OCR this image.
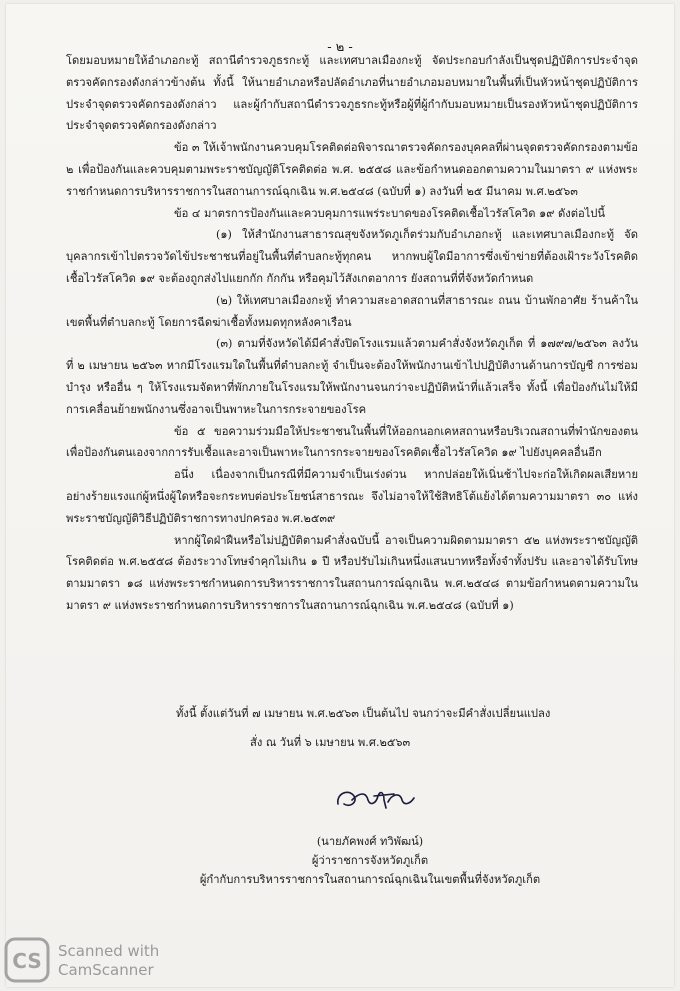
- ๒ -

โดยมอบหมายให้อำเภอกะทู้ สถานีตำรวจภูธรกะทู้ และเทศบาลเมืองกะทู้ จัดประกอบกำลังเป็นชุดปฏิบัติการประจำจุดตรวจคัดกรองดังกล่าวข้างต้น ทั้งนี้ ให้นายอำเภอหรือปลัดอำเภอที่นายอำเภอมอบหมายในพื้นที่เป็นหัวหน้าชุดปฏิบัติการประจำจุดตรวจคัดกรองดังกล่าว และผู้กำกับสถานีตำรวจภูธรกะทู้หรือผู้ที่ผู้กำกับมอบหมายเป็นรองหัวหน้าชุดปฏิบัติการประจำจุดตรวจคัดกรองดังกล่าว

ข้อ ๓ ให้เจ้าพนักงานควบคุมโรคติดต่อพิจารณาตรวจคัดกรองบุคคลที่ผ่านจุดตรวจคัดกรองตามข้อ ๒ เพื่อป้องกันและควบคุมตามพระราชบัญญัติโรคติดต่อ พ.ศ. ๒๕๕๘ และข้อกำหนดออกตามความในมาตรา ๙ แห่งพระราชกำหนดการบริหารราชการในสถานการณ์ฉุกเฉิน พ.ศ.๒๕๔๘ (ฉบับที่ ๑) ลงวันที่ ๒๕ มีนาคม พ.ศ.๒๕๖๓

ข้อ ๔ มาตรการป้องกันและควบคุมการแพร่ระบาดของโรคติดเชื้อไวรัสโควิด ๑๙ ดังต่อไปนี้

(๑) ให้สำนักงานสาธารณสุขจังหวัดภูเก็ตร่วมกับอำเภอกะทู้ และเทศบาลเมืองกะทู้ จัดบุคลากรเข้าไปตรวจวัดไข้ประชาชนที่อยู่ในพื้นที่ตำบลกะทู้ทุกคน หากพบผู้ใดมีอาการซึ่งเข้าข่ายที่ต้องเฝ้าระวังโรคติดเชื้อไวรัสโควิด ๑๙ จะต้องถูกส่งไปแยกกัก กักกัน หรือคุมไว้สังเกตอาการ ยังสถานที่ที่จังหวัดกำหนด

(๒) ให้เทศบาลเมืองกะทู้ ทำความสะอาดสถานที่สาธารณะ ถนน บ้านพักอาศัย ร้านค้าในเขตพื้นที่ตำบลกะทู้ โดยการฉีดฆ่าเชื้อทั้งหมดทุกหลังคาเรือน

(๓) ตามที่จังหวัดได้มีคำสั่งปิดโรงแรมแล้วตามคำสั่งจังหวัดภูเก็ต ที่ ๑๗๙๗/๒๕๖๓ ลงวันที่ ๒ เมษายน ๒๕๖๓ หากมีโรงแรมใดในพื้นที่ตำบลกะทู้ จำเป็นจะต้องให้พนักงานเข้าไปปฏิบัติงานด้านการบัญชี การซ่อมบำรุง หรืออื่น ๆ ให้โรงแรมจัดหาที่พักภายในโรงแรมให้พนักงานจนกว่าจะปฏิบัติหน้าที่แล้วเสร็จ ทั้งนี้ เพื่อป้องกันไม่ให้มีการเคลื่อนย้ายพนักงานซึ่งอาจเป็นพาหะในการกระจายของโรค

ข้อ ๕ ขอความร่วมมือให้ประชาชนในพื้นที่ให้ออกนอกเคหสถานหรือบริเวณสถานที่พำนักของตน เพื่อป้องกันตนเองจากการรับเชื้อและอาจเป็นพาหะในการกระจายของโรคติดเชื้อไวรัสโควิด ๑๙ ไปยังบุคคลอื่นอีก

อนึ่ง เนื่องจากเป็นกรณีที่มีความจำเป็นเร่งด่วน หากปล่อยให้เนิ่นช้าไปจะก่อให้เกิดผลเสียหาย อย่างร้ายแรงแก่ผู้หนึ่งผู้ใดหรือจะกระทบต่อประโยชน์สาธารณะ จึงไม่อาจให้ใช้สิทธิโต้แย้งได้ตามความมาตรา ๓๐ แห่งพระราชบัญญัติวิธีปฏิบัติราชการทางปกครอง พ.ศ.๒๕๓๙

หากผู้ใดฝ่าฝืนหรือไม่ปฏิบัติตามคำสั่งฉบับนี้ อาจเป็นความผิดตามมาตรา ๕๒ แห่งพระราชบัญญัติโรคติดต่อ พ.ศ.๒๕๕๘ ต้องระวางโทษจำคุกไม่เกิน ๑ ปี หรือปรับไม่เกินหนึ่งแสนบาทหรือทั้งจำทั้งปรับ และอาจได้รับโทษตามมาตรา ๑๘ แห่งพระราชกำหนดการบริหารราชการในสถานการณ์ฉุกเฉิน พ.ศ.๒๕๔๘ ตามข้อกำหนดตามความในมาตรา ๙ แห่งพระราชกำหนดการบริหารราชการในสถานการณ์ฉุกเฉิน พ.ศ.๒๕๔๘ (ฉบับที่ ๑)

ทั้งนี้ ตั้งแต่วันที่ ๗ เมษายน พ.ศ.๒๕๖๓ เป็นต้นไป จนกว่าจะมีคำสั่งเปลี่ยนแปลง
สั่ง ณ วันที่ ๖ เมษายน พ.ศ.๒๕๖๓
(นายภัคพงศ์ ทวิพัฒน์)
ผู้ว่าราชการจังหวัดภูเก็ต
ผู้กำกับการบริหารราชการในสถานการณ์ฉุกเฉินในเขตพื้นที่จังหวัดภูเก็ต
CS Scanned with
CamScanner
